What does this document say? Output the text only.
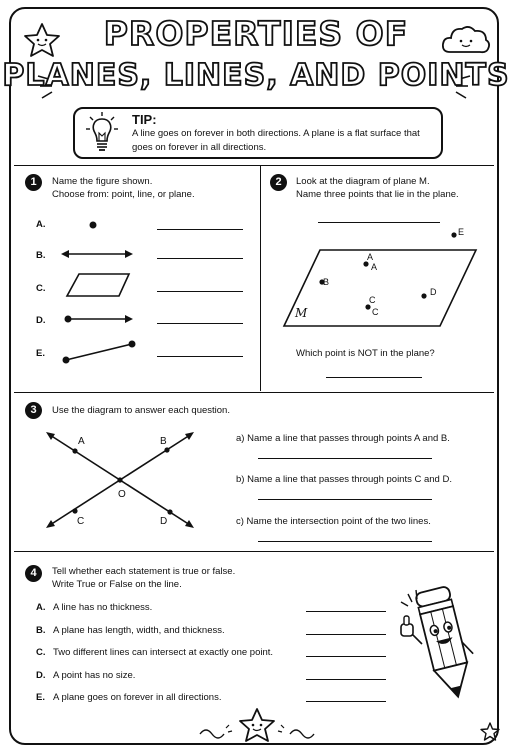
PROPERTIES OF
PLANES, LINES, AND POINTS
TIP:
A line goes on forever in both directions. A plane is a flat surface that goes on forever in all directions.
1	Name the figure shown.
Choose from: point, line, or plane.
A.
B.
C.
D.
E.
2	Look at the diagram of plane M.
Name three points that lie in the plane.
A
A
B
C
C
D
E
M
Which point is NOT in the plane?
3	Use the diagram to answer each question.
A	B
O
C	D
a) Name a line that passes through points A and B.
b) Name a line that passes through points C and D.
c) Name the intersection point of the two lines.
4	Tell whether each statement is true or false.
Write True or False on the line.
A. A line has no thickness.
B. A plane has length, width, and thickness.
C. Two different lines can intersect at exactly one point.
D. A point has no size.
E. A plane goes on forever in all directions.
